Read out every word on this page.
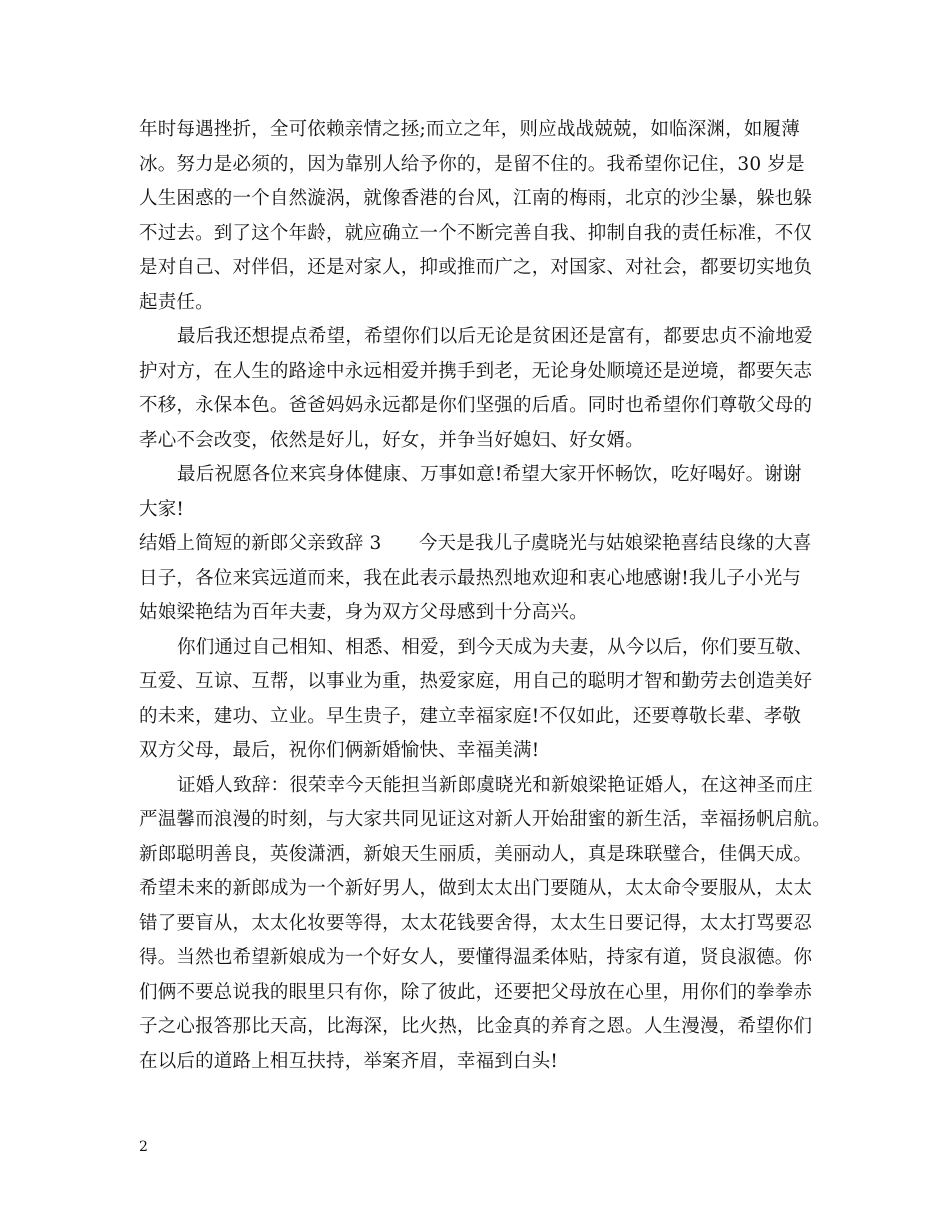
年时每遇挫折，全可依赖亲情之拯;而立之年，则应战战兢兢，如临深渊，如履薄
冰。努力是必须的，因为靠别人给予你的，是留不住的。我希望你记住，30 岁是
人生困惑的一个自然漩涡，就像香港的台风，江南的梅雨，北京的沙尘暴，躲也躲
不过去。到了这个年龄，就应确立一个不断完善自我、抑制自我的责任标准，不仅
是对自己、对伴侣，还是对家人，抑或推而广之，对国家、对社会，都要切实地负
起责任。
最后我还想提点希望，希望你们以后无论是贫困还是富有，都要忠贞不渝地爱
护对方，在人生的路途中永远相爱并携手到老，无论身处顺境还是逆境，都要矢志
不移，永保本色。爸爸妈妈永远都是你们坚强的后盾。同时也希望你们尊敬父母的
孝心不会改变，依然是好儿，好女，并争当好媳妇、好女婿。
最后祝愿各位来宾身体健康、万事如意!希望大家开怀畅饮，吃好喝好。谢谢
大家!
结婚上简短的新郎父亲致辞 3　　今天是我儿子虞晓光与姑娘梁艳喜结良缘的大喜
日子，各位来宾远道而来，我在此表示最热烈地欢迎和衷心地感谢!我儿子小光与
姑娘梁艳结为百年夫妻，身为双方父母感到十分高兴。
你们通过自己相知、相悉、相爱，到今天成为夫妻，从今以后，你们要互敬、
互爱、互谅、互帮，以事业为重，热爱家庭，用自己的聪明才智和勤劳去创造美好
的未来，建功、立业。早生贵子，建立幸福家庭!不仅如此，还要尊敬长辈、孝敬
双方父母，最后，祝你们俩新婚愉快、幸福美满!
证婚人致辞：很荣幸今天能担当新郎虞晓光和新娘梁艳证婚人，在这神圣而庄
严温馨而浪漫的时刻，与大家共同见证这对新人开始甜蜜的新生活，幸福扬帆启航。
新郎聪明善良，英俊潇洒，新娘天生丽质，美丽动人，真是珠联璧合，佳偶天成。
希望未来的新郎成为一个新好男人，做到太太出门要随从，太太命令要服从，太太
错了要盲从，太太化妆要等得，太太花钱要舍得，太太生日要记得，太太打骂要忍
得。当然也希望新娘成为一个好女人，要懂得温柔体贴，持家有道，贤良淑德。你
们俩不要总说我的眼里只有你，除了彼此，还要把父母放在心里，用你们的拳拳赤
子之心报答那比天高，比海深，比火热，比金真的养育之恩。人生漫漫，希望你们
在以后的道路上相互扶持，举案齐眉，幸福到白头!
2
